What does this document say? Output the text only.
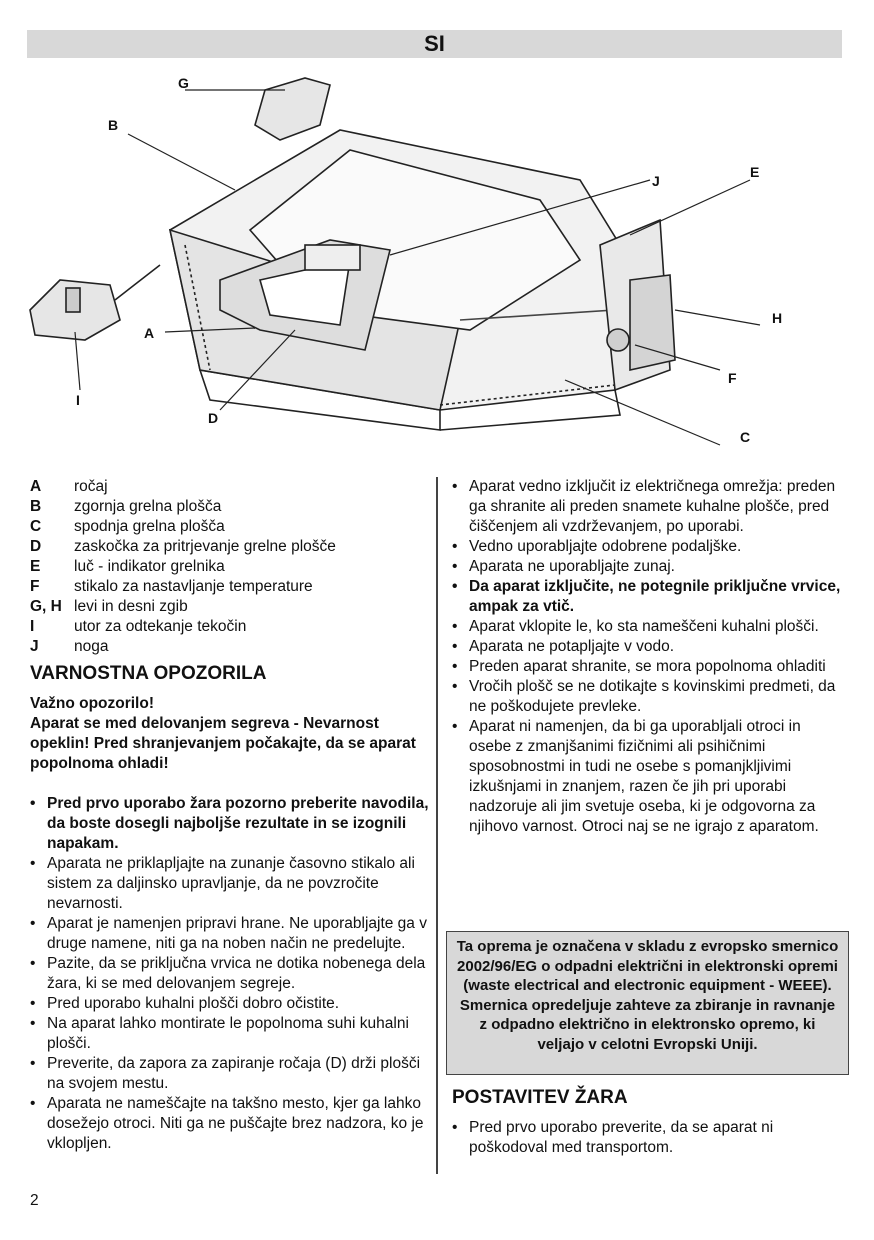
SI
G
B
J
E
H
F
C
D
A
I
A	ročaj
B	zgornja grelna plošča
C	spodnja grelna plošča
D	zaskočka za pritrjevanje grelne plošče
E	luč - indikator grelnika
F	stikalo za nastavljanje temperature
G, H levi in desni zgib
I	utor za odtekanje tekočin
J	noga
VARNOSTNA OPOZORILA
Važno opozorilo!
Aparat se med delovanjem segreva - Nevarnost opeklin! Pred shranjevanjem počakajte, da se aparat popolnoma ohladi!
• Pred prvo uporabo žara pozorno preberite navodila, da boste dosegli najboljše rezultate in se izognili napakam.
• Aparata ne priklapljajte na zunanje časovno stikalo ali sistem za daljinsko upravljanje, da ne povzročite nevarnosti.
• Aparat je namenjen pripravi hrane. Ne uporabljajte ga v druge namene, niti ga na noben način ne predelujte.
• Pazite, da se priključna vrvica ne dotika nobenega dela žara, ki se med delovanjem segreje.
• Pred uporabo kuhalni plošči dobro očistite.
• Na aparat lahko montirate le popolnoma suhi kuhalni plošči.
• Preverite, da zapora za zapiranje ročaja (D) drži plošči na svojem mestu.
• Aparata ne nameščajte na takšno mesto, kjer ga lahko dosežejo otroci. Niti ga ne puščajte brez nadzora, ko je vklopljen.
• Aparat vedno izključit iz električnega omrežja: preden ga shranite ali preden snamete kuhalne plošče, pred čiščenjem ali vzdrževanjem, po uporabi.
• Vedno uporabljajte odobrene podaljške.
• Aparata ne uporabljajte zunaj.
• Da aparat izključite, ne potegnile priključne vrvice, ampak za vtič.
• Aparat vklopite le, ko sta nameščeni kuhalni plošči.
• Aparata ne potapljajte v vodo.
• Preden aparat shranite, se mora popolnoma ohladiti
• Vročih plošč se ne dotikajte s kovinskimi predmeti, da ne poškodujete prevleke.
• Aparat ni namenjen, da bi ga uporabljali otroci in osebe z zmanjšanimi fizičnimi ali psihičnimi sposobnostmi in tudi ne osebe s pomanjkljivimi izkušnjami in znanjem, razen če jih pri uporabi nadzoruje ali jim svetuje oseba, ki je odgovorna za njihovo varnost. Otroci naj se ne igrajo z aparatom.
Ta oprema je označena v skladu z evropsko smernico 2002/96/EG o odpadni električni in elektronski opremi (waste electrical and electronic equipment - WEEE). Smernica opredeljuje zahteve za zbiranje in ravnanje z odpadno električno in elektronsko opremo, ki veljajo v celotni Evropski Uniji.
POSTAVITEV ŽARA
• Pred prvo uporabo preverite, da se aparat ni poškodoval med transportom.
2
